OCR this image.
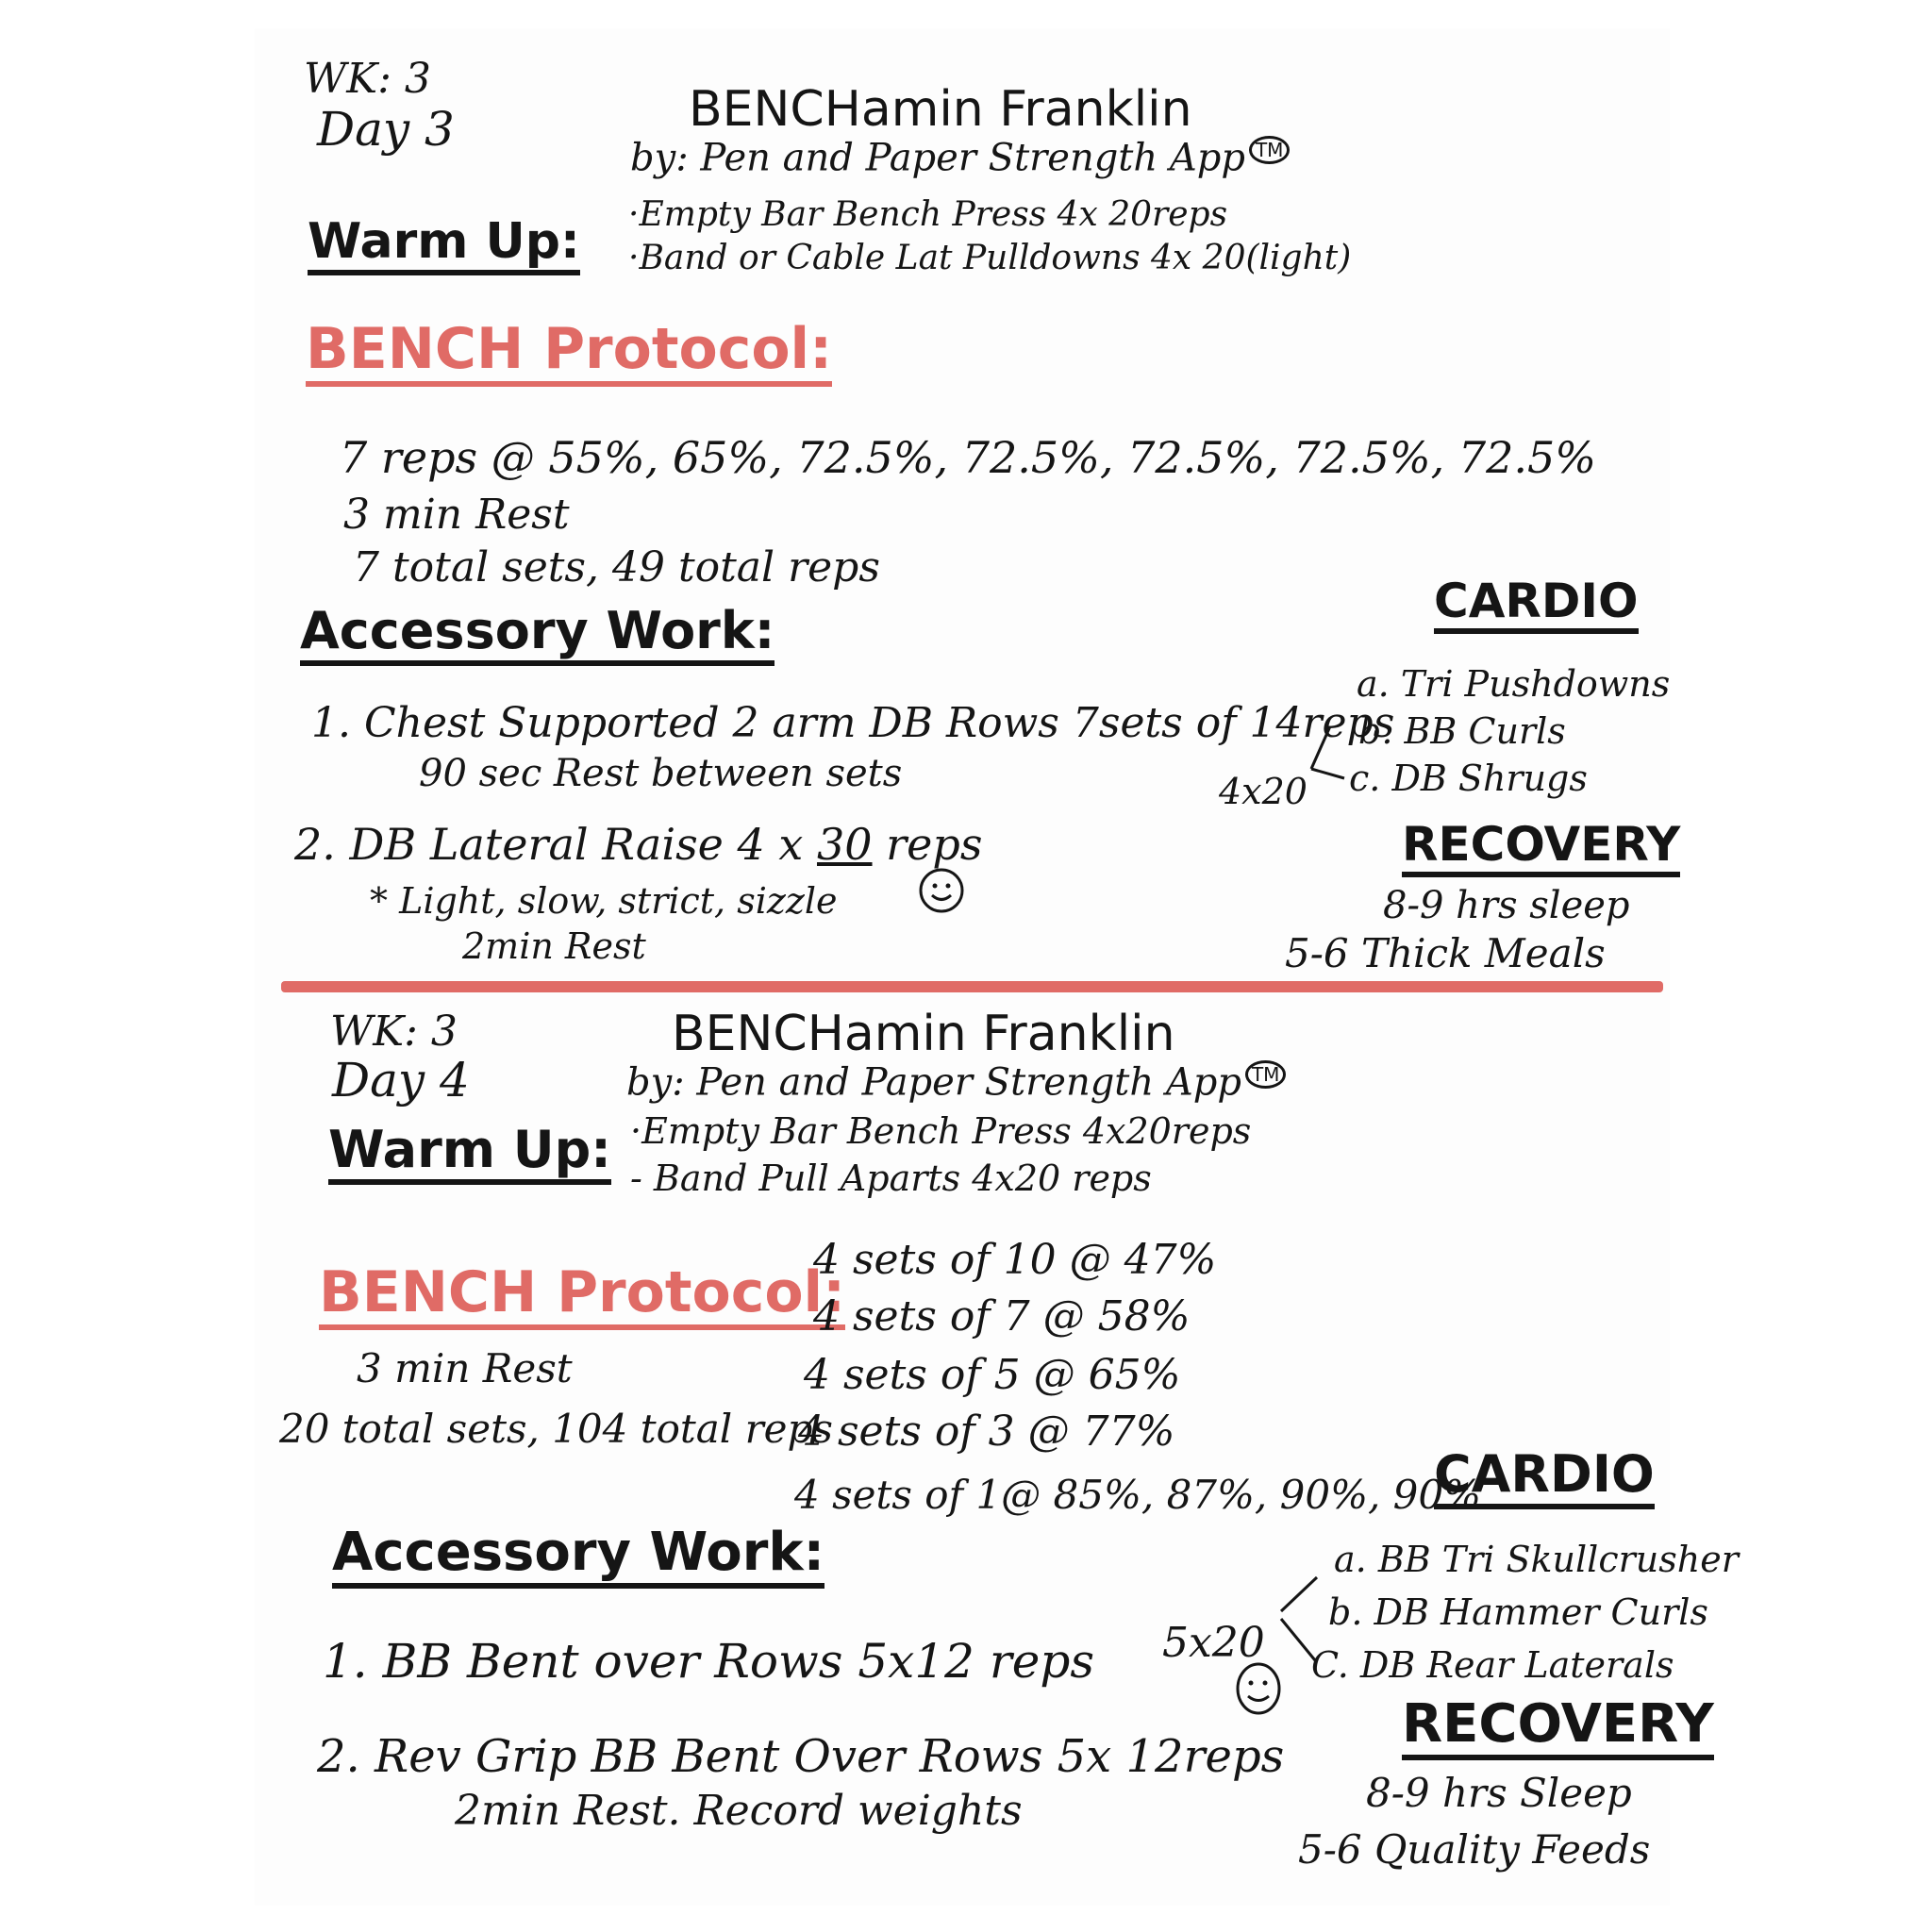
WK: 3
Day 3	BENCHamin Franklin
by: Pen and Paper Strength App TM
Warm Up: ·Empty Bar Bench Press 4x 20reps
·Band or Cable Lat Pulldowns 4x 20(light)
BENCH Protocol:
7 reps @ 55%, 65%, 72.5%, 72.5%, 72.5%, 72.5%, 72.5%
3 min Rest
7 total sets, 49 total reps
Accessory Work:
1. Chest Supported 2 arm DB Rows 7sets of 14reps
90 sec Rest between sets
2. DB Lateral Raise 4 x 30 reps
* Light, slow, strict, sizzle
2min Rest
CARDIO
a. Tri Pushdowns
b. BB Curls
c. DB Shrugs
4x20
RECOVERY
8-9 hrs sleep
5-6 Thick Meals
WK: 3
Day 4
BENCHamin Franklin
by: Pen and Paper Strength App TM
Warm Up: ·Empty Bar Bench Press 4x20reps
- Band Pull Aparts 4x20 reps
BENCH Protocol:
3 min Rest
20 total sets, 104 total reps
4 sets of 10 @ 47%
4 sets of 7 @ 58%
4 sets of 5 @ 65%
4 sets of 3 @ 77%
4 sets of 1@ 85%, 87%, 90%, 90%
Accessory Work:
1. BB Bent over Rows 5x12 reps
2. Rev Grip BB Bent Over Rows 5x 12reps
2min Rest. Record weights
CARDIO
a. BB Tri Skullcrusher
b. DB Hammer Curls
C. DB Rear Laterals
5x20
RECOVERY
8-9 hrs Sleep
5-6 Quality Feeds
